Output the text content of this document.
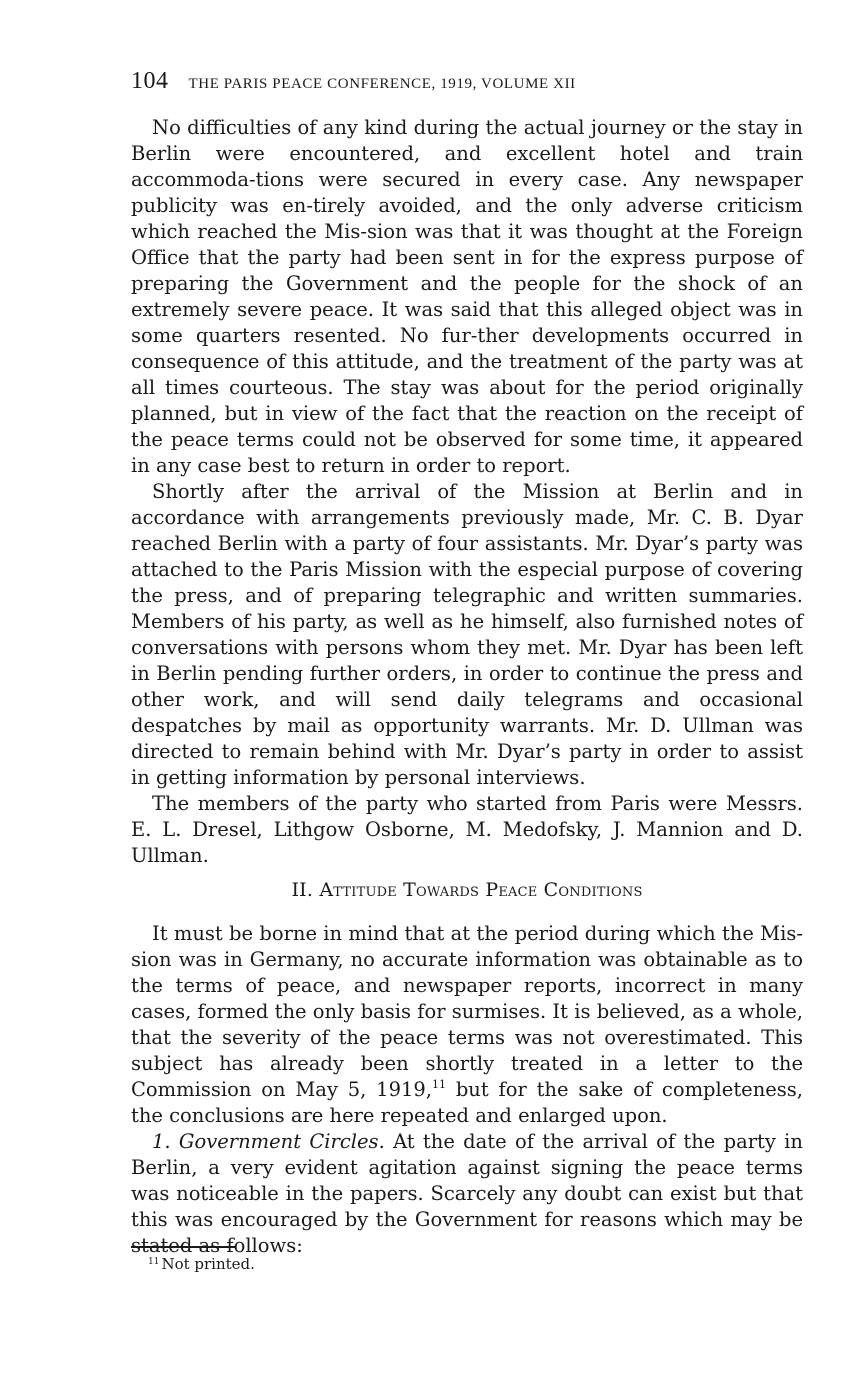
104 THE PARIS PEACE CONFERENCE, 1919, VOLUME XII

No difficulties of any kind during the actual journey or the stay in Berlin were encountered, and excellent hotel and train accommoda-tions were secured in every case. Any newspaper publicity was en-tirely avoided, and the only adverse criticism which reached the Mis-sion was that it was thought at the Foreign Office that the party had been sent in for the express purpose of preparing the Government and the people for the shock of an extremely severe peace. It was said that this alleged object was in some quarters resented. No fur-ther developments occurred in consequence of this attitude, and the treatment of the party was at all times courteous. The stay was about for the period originally planned, but in view of the fact that the reaction on the receipt of the peace terms could not be observed for some time, it appeared in any case best to return in order to report.

Shortly after the arrival of the Mission at Berlin and in accordance with arrangements previously made, Mr. C. B. Dyar reached Berlin with a party of four assistants. Mr. Dyar’s party was attached to the Paris Mission with the especial purpose of covering the press, and of preparing telegraphic and written summaries. Members of his party, as well as he himself, also furnished notes of conversations with persons whom they met. Mr. Dyar has been left in Berlin pending further orders, in order to continue the press and other work, and will send daily telegrams and occasional despatches by mail as opportunity warrants. Mr. D. Ullman was directed to remain behind with Mr. Dyar’s party in order to assist in getting information by personal interviews.

The members of the party who started from Paris were Messrs. E. L. Dresel, Lithgow Osborne, M. Medofsky, J. Mannion and D. Ullman.

II. Attitude Towards Peace Conditions

It must be borne in mind that at the period during which the Mis-sion was in Germany, no accurate information was obtainable as to the terms of peace, and newspaper reports, incorrect in many cases, formed the only basis for surmises. It is believed, as a whole, that the severity of the peace terms was not overestimated. This subject has already been shortly treated in a letter to the Commission on May 5, 1919,11 but for the sake of completeness, the conclusions are here repeated and enlarged upon.

1. Government Circles. At the date of the arrival of the party in Berlin, a very evident agitation against signing the peace terms was noticeable in the papers. Scarcely any doubt can exist but that this was encouraged by the Government for reasons which may be stated as follows:

$^{11}$ Not printed.
